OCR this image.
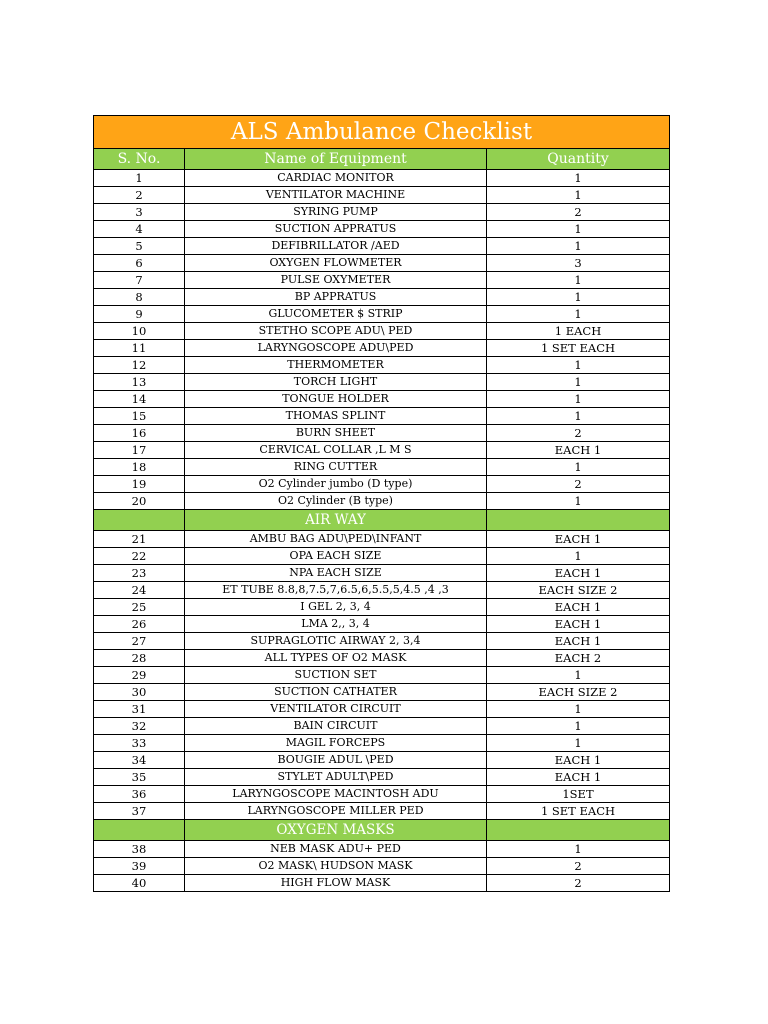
ALS Ambulance Checklist		
S. No.	Name of Equipment	Quantity
1	CARDIAC MONITOR	1
2	VENTILATOR MACHINE	1
3	SYRING PUMP	2
4	SUCTION APPRATUS	1
5	DEFIBRILLATOR /AED	1
6	OXYGEN FLOWMETER	3
7	PULSE OXYMETER	1
8	BP APPRATUS	1
9	GLUCOMETER $ STRIP	1
10	STETHO SCOPE ADU\ PED	1 EACH
11	LARYNGOSCOPE ADU\PED	1 SET EACH
12	THERMOMETER	1
13	TORCH LIGHT	1
14	TONGUE HOLDER	1
15	THOMAS SPLINT	1
16	BURN SHEET	2
17	CERVICAL COLLAR ,L M S	EACH 1
18	RING CUTTER	1
19	O2 Cylinder jumbo (D type)	2
20	O2 Cylinder (B type)	1
	AIR WAY	
21	AMBU BAG ADU\PED\INFANT	EACH 1
22	OPA EACH SIZE	1
23	NPA EACH SIZE	EACH 1
24	ET TUBE 8.8,8,7.5,7,6.5,6,5.5,5,4.5 ,4 ,3	EACH SIZE 2
25	I GEL 2, 3, 4	EACH 1
26	LMA 2,, 3, 4	EACH 1
27	SUPRAGLOTIC AIRWAY 2, 3,4	EACH 1
28	ALL TYPES OF O2 MASK	EACH 2
29	SUCTION SET	1
30	SUCTION CATHATER	EACH SIZE 2
31	VENTILATOR CIRCUIT	1
32	BAIN CIRCUIT	1
33	MAGIL FORCEPS	1
34	BOUGIE ADUL \PED	EACH 1
35	STYLET ADULT\PED	EACH 1
36	LARYNGOSCOPE MACINTOSH ADU	1SET
37	LARYNGOSCOPE MILLER PED	1 SET EACH
	OXYGEN MASKS	
38	NEB MASK ADU+ PED	1
39	O2 MASK\ HUDSON MASK	2
40	HIGH FLOW MASK	2
